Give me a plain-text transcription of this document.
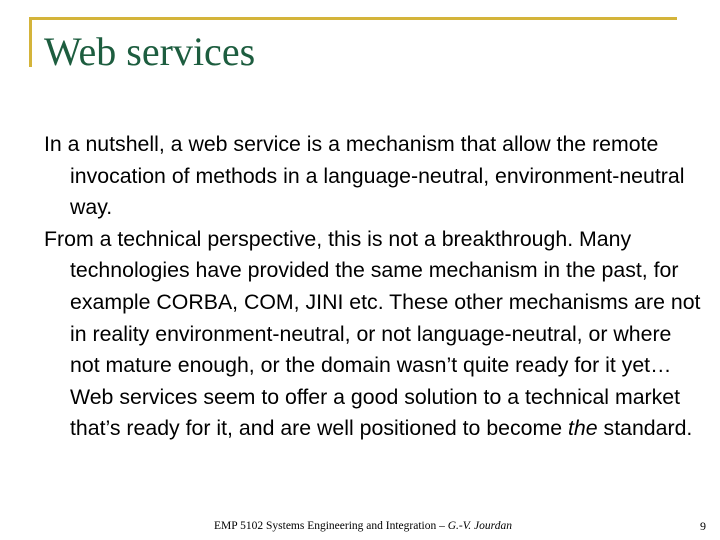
Web services

In a nutshell, a web service is a mechanism that allow the remote invocation of methods in a language-neutral, environment-neutral way.

From a technical perspective, this is not a breakthrough. Many technologies have provided the same mechanism in the past, for example CORBA, COM, JINI etc. These other mechanisms are not in reality environment-neutral, or not language-neutral, or where not mature enough, or the domain wasn’t quite ready for it yet… Web services seem to offer a good solution to a technical market that’s ready for it, and are well positioned to become the standard.

EMP 5102 Systems Engineering and Integration – G.-V. Jourdan	9
